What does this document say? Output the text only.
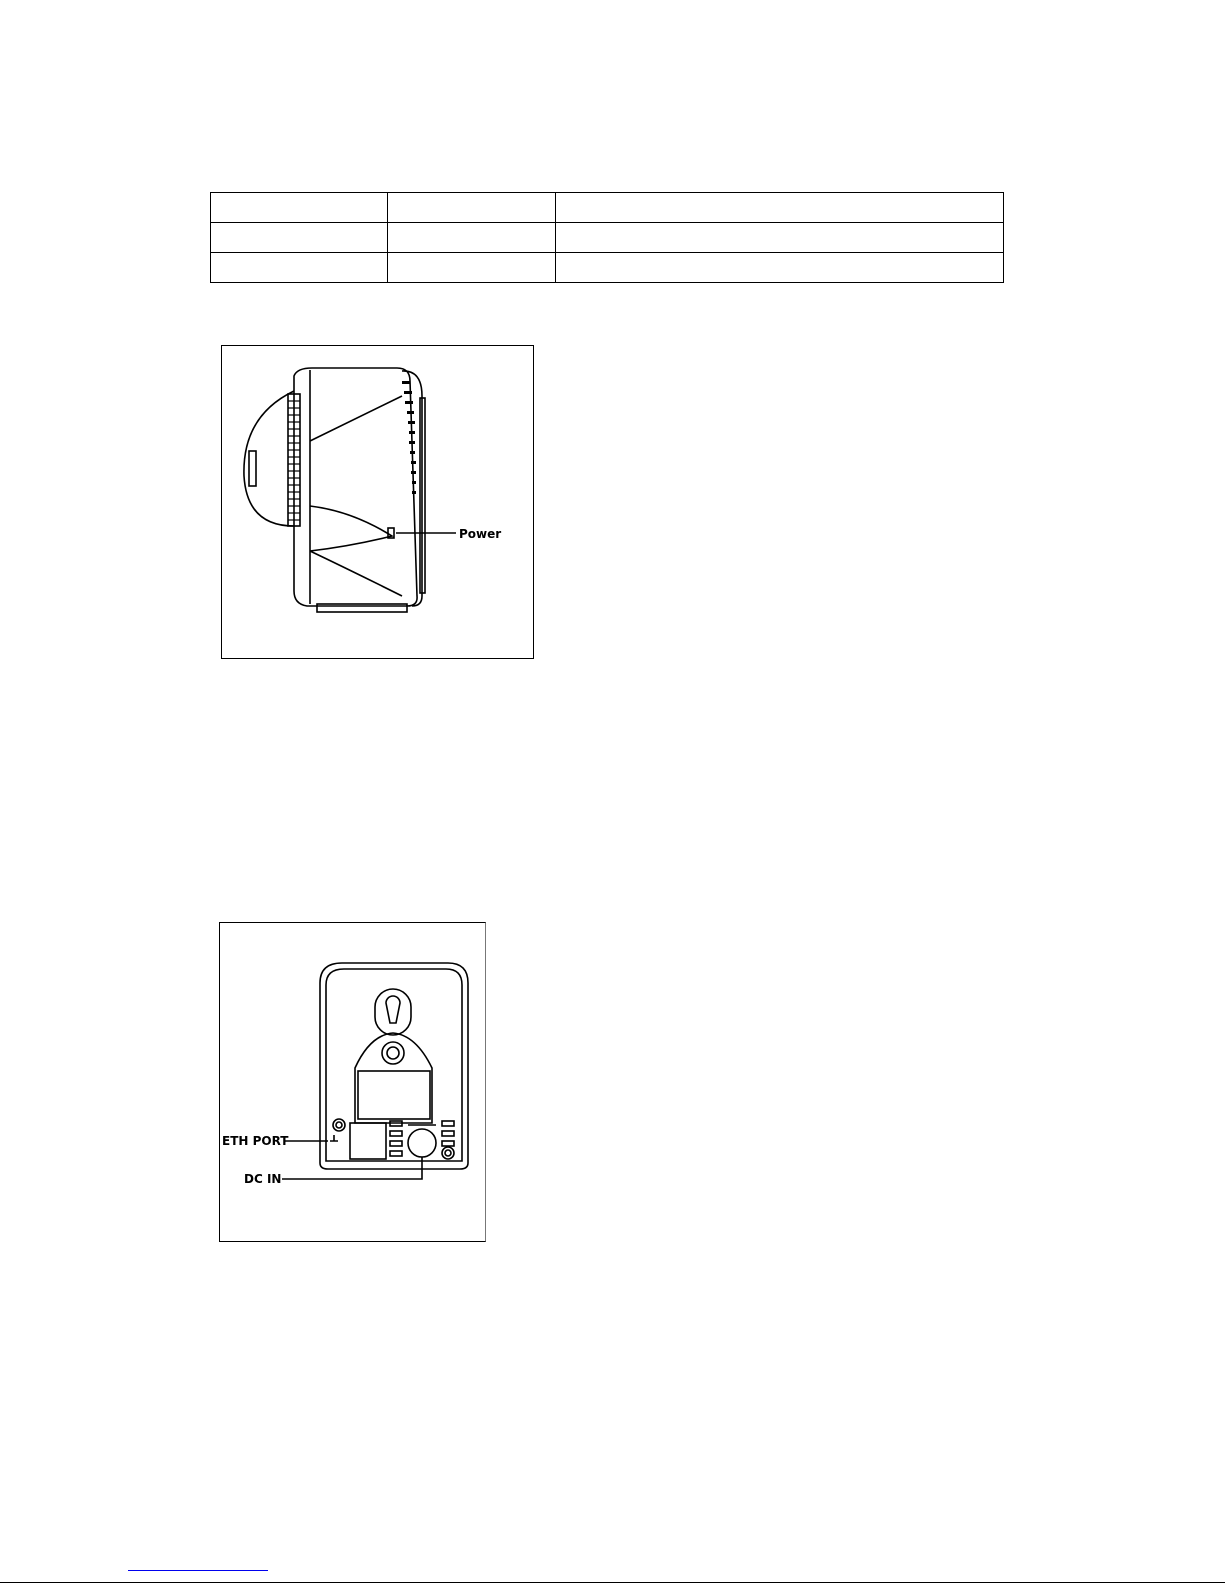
Power
ETH PORT
DC IN
